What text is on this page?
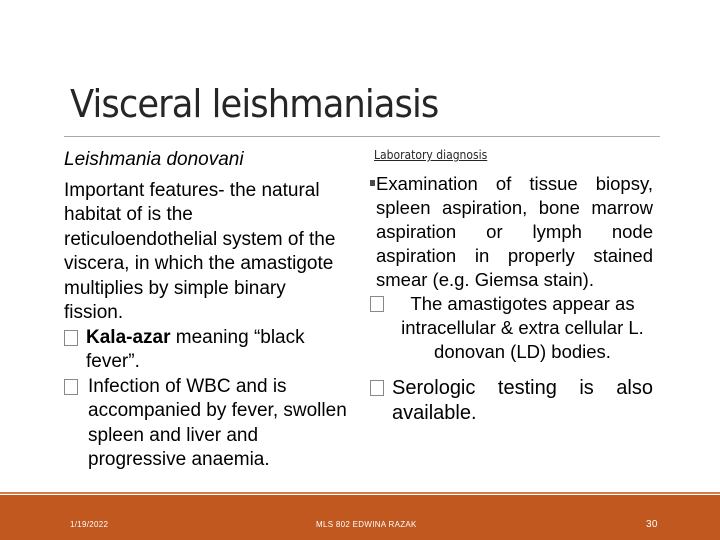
Visceral leishmaniasis
Leishmania donovani

Important features- the natural habitat of is the reticuloendothelial system of the viscera, in which the amastigote multiplies by simple binary fission.

Kala-azar meaning “black fever”.

Infection of WBC and is accompanied by fever, swollen spleen and liver and progressive anaemia.

Laboratory diagnosis
Examination of tissue biopsy, spleen aspiration, bone marrow aspiration or lymph node aspiration in properly stained smear (e.g. Giemsa stain).
The amastigotes appear as intracellular & extra cellular L. donovan (LD) bodies.
Serologic testing is also available.
1/19/2022	MLS 802 EDWINA RAZAK	30
